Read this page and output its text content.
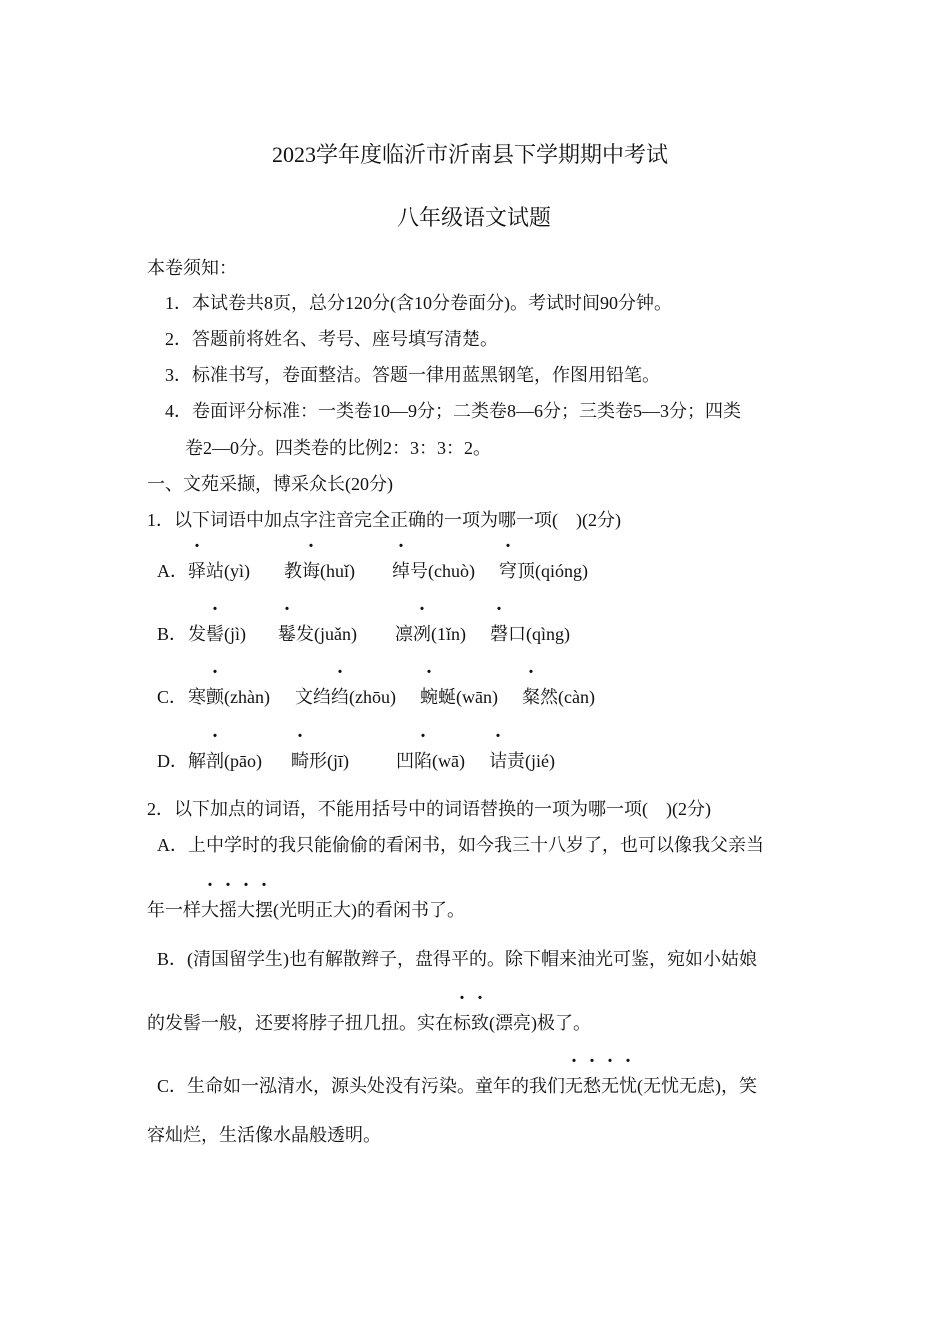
2023学年度临沂市沂南县下学期期中考试
八年级语文试题
本卷须知：
1．本试卷共8页，总分120分(含10分卷面分)。考试时间90分钟。
2．答题前将姓名、考号、座号填写清楚。
3．标准书写，卷面整洁。答题一律用蓝黑钢笔，作图用铅笔。
4．卷面评分标准：一类卷10—9分；二类卷8—6分；三类卷5—3分；四类
卷2—0分。四类卷的比例2：3：3：2。
一、文苑采撷，博采众长(20分)
1．以下词语中加点字注音完全正确的一项为哪一项(　)(2分)
A． 驿站(yì) 教诲(huǐ) 绰号(chuò) 穹顶(qióng)
B． 发髻(jì) 鬈发(juǎn) 凛冽(1ǐn) 磬口(qìng)
C． 寒颤(zhàn) 文绉绉(zhōu) 蜿蜒(wān) 粲然(càn)
D． 解剖(pāo) 畸形(jī)	凹陷(wā) 诘责(jié)
2．以下加点的词语，不能用括号中的词语替换的一项为哪一项(　)(2分)
A．上中学时的我只能偷偷的看闲书，如今我三十八岁了，也可以像我父亲当
年一样大摇大摆(光明正大)的看闲书了。
B．(清国留学生)也有解散辫子，盘得平的。除下帽来油光可鉴，宛如小姑娘
的发髻一般，还要将脖子扭几扭。实在标致(漂亮)极了。
C．生命如一泓清水，源头处没有污染。童年的我们无愁无忧(无忧无虑)，笑
容灿烂，生活像水晶般透明。
